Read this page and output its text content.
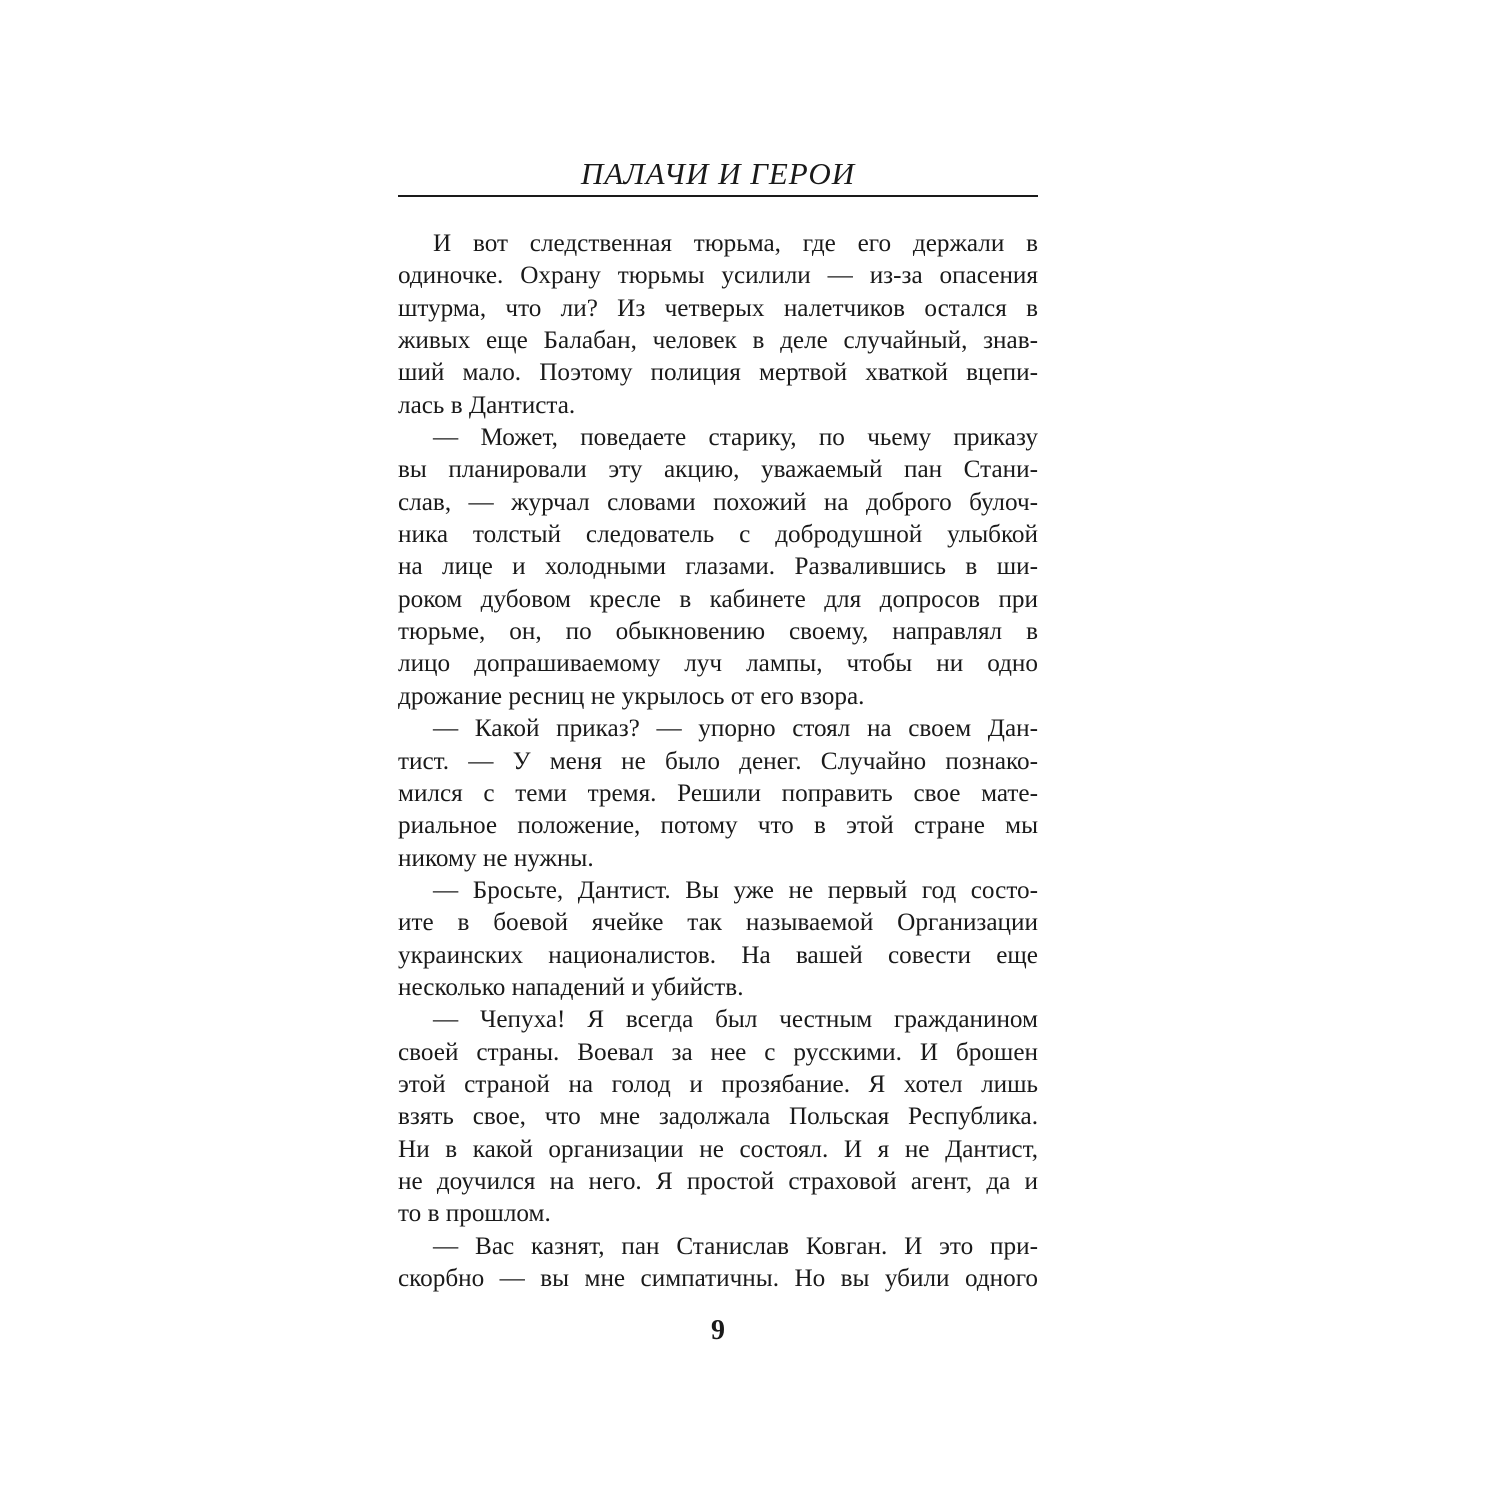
ПАЛАЧИ И ГЕРОИ
И вот следственная тюрьма, где его держали в
одиночке. Охрану тюрьмы усилили — из-за опасения
штурма, что ли? Из четверых налетчиков остался в
живых еще Балабан, человек в деле случайный, знав-
ший мало. Поэтому полиция мертвой хваткой вцепи-
лась в Дантиста.
— Может, поведаете старику, по чьему приказу
вы планировали эту акцию, уважаемый пан Стани-
слав, — журчал словами похожий на доброго булоч-
ника толстый следователь с добродушной улыбкой
на лице и холодными глазами. Развалившись в ши-
роком дубовом кресле в кабинете для допросов при
тюрьме, он, по обыкновению своему, направлял в
лицо допрашиваемому луч лампы, чтобы ни одно
дрожание ресниц не укрылось от его взора.
— Какой приказ? — упорно стоял на своем Дан-
тист. — У меня не было денег. Случайно познако-
мился с теми тремя. Решили поправить свое мате-
риальное положение, потому что в этой стране мы
никому не нужны.
— Бросьте, Дантист. Вы уже не первый год состо-
ите в боевой ячейке так называемой Организации
украинских националистов. На вашей совести еще
несколько нападений и убийств.
— Чепуха! Я всегда был честным гражданином
своей страны. Воевал за нее с русскими. И брошен
этой страной на голод и прозябание. Я хотел лишь
взять свое, что мне задолжала Польская Республика.
Ни в какой организации не состоял. И я не Дантист,
не доучился на него. Я простой страховой агент, да и
то в прошлом.
— Вас казнят, пан Станислав Ковган. И это при-
скорбно — вы мне симпатичны. Но вы убили одного
9
